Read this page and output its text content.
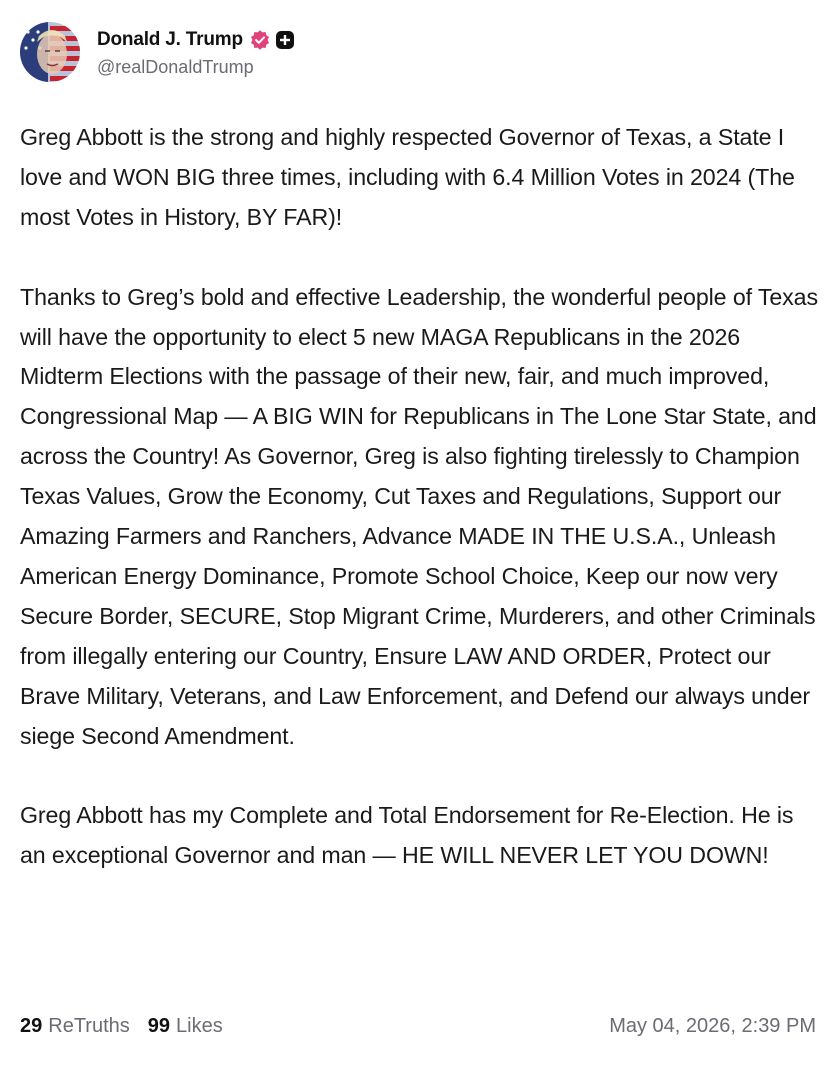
Donald J. Trump
@realDonaldTrump

Greg Abbott is the strong and highly respected Governor of Texas, a State I love and WON BIG three times, including with 6.4 Million Votes in 2024 (The most Votes in History, BY FAR)!

Thanks to Greg’s bold and effective Leadership, the wonderful people of Texas will have the opportunity to elect 5 new MAGA Republicans in the 2026 Midterm Elections with the passage of their new, fair, and much improved, Congressional Map — A BIG WIN for Republicans in The Lone Star State, and across the Country! As Governor, Greg is also fighting tirelessly to Champion Texas Values, Grow the Economy, Cut Taxes and Regulations, Support our Amazing Farmers and Ranchers, Advance MADE IN THE U.S.A., Unleash American Energy Dominance, Promote School Choice, Keep our now very Secure Border, SECURE, Stop Migrant Crime, Murderers, and other Criminals from illegally entering our Country, Ensure LAW AND ORDER, Protect our Brave Military, Veterans, and Law Enforcement, and Defend our always under siege Second Amendment.

Greg Abbott has my Complete and Total Endorsement for Re-Election. He is an exceptional Governor and man — HE WILL NEVER LET YOU DOWN!

29 ReTruths 99 Likes	May 04, 2026, 2:39 PM
